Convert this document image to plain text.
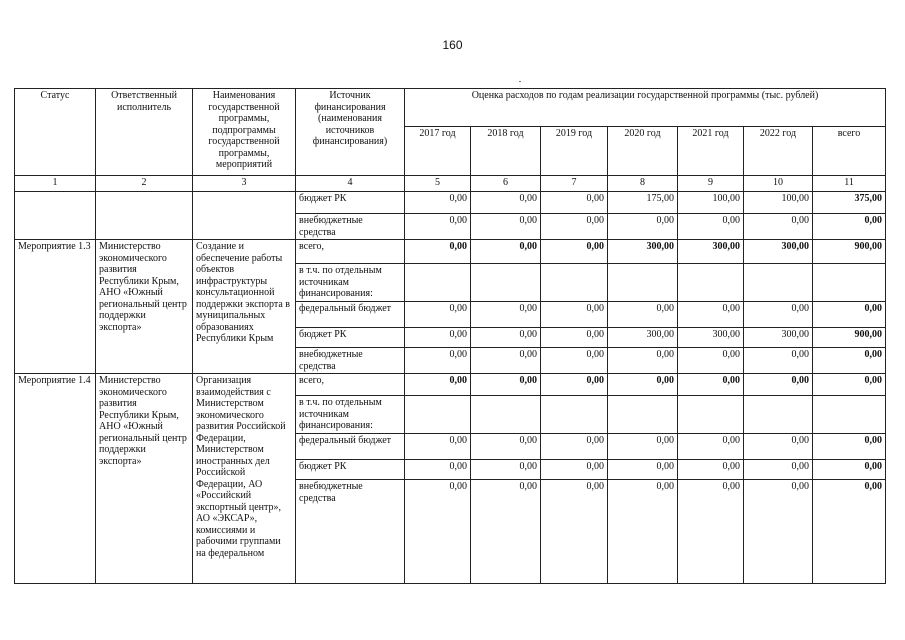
160
Статус	Ответственный исполнитель	Наименования государственной программы, подпрограммы государственной программы, мероприятий	Источник финансирования (наименования источников финансирования)	Оценка расходов по годам реализации государственной программы (тыс. рублей)						
				2017 год	2018 год	2019 год	2020 год	2021 год	2022 год	всего
1	2	3	4	5	6	7	8	9	10	11
			бюджет РК	0,00	0,00	0,00	175,00	100,00	100,00	375,00
			внебюджетные средства	0,00	0,00	0,00	0,00	0,00	0,00	0,00
Мероприятие 1.3	Министерство экономического развития Республики Крым, АНО «Южный региональный центр поддержки экспорта»	Создание и обеспечение работы объектов инфраструктуры консультационной поддержки экспорта в муниципальных образованиях Республики Крым	всего,	0,00	0,00	0,00	300,00	300,00	300,00	900,00
			в т.ч. по отдельным источникам финансирования:							
			федеральный бюджет	0,00	0,00	0,00	0,00	0,00	0,00	0,00
			бюджет РК	0,00	0,00	0,00	300,00	300,00	300,00	900,00
			внебюджетные средства	0,00	0,00	0,00	0,00	0,00	0,00	0,00
Мероприятие 1.4	Министерство экономического развития Республики Крым, АНО «Южный региональный центр поддержки экспорта»	Организация взаимодействия с Министерством экономического развития Российской Федерации, Министерством иностранных дел Российской Федерации, АО «Российский экспортный центр», АО «ЭКСАР», комиссиями и рабочими группами на федеральном	всего,	0,00	0,00	0,00	0,00	0,00	0,00	0,00
			в т.ч. по отдельным источникам финансирования:							
			федеральный бюджет	0,00	0,00	0,00	0,00	0,00	0,00	0,00
			бюджет РК	0,00	0,00	0,00	0,00	0,00	0,00	0,00
			внебюджетные средства	0,00	0,00	0,00	0,00	0,00	0,00	0,00
